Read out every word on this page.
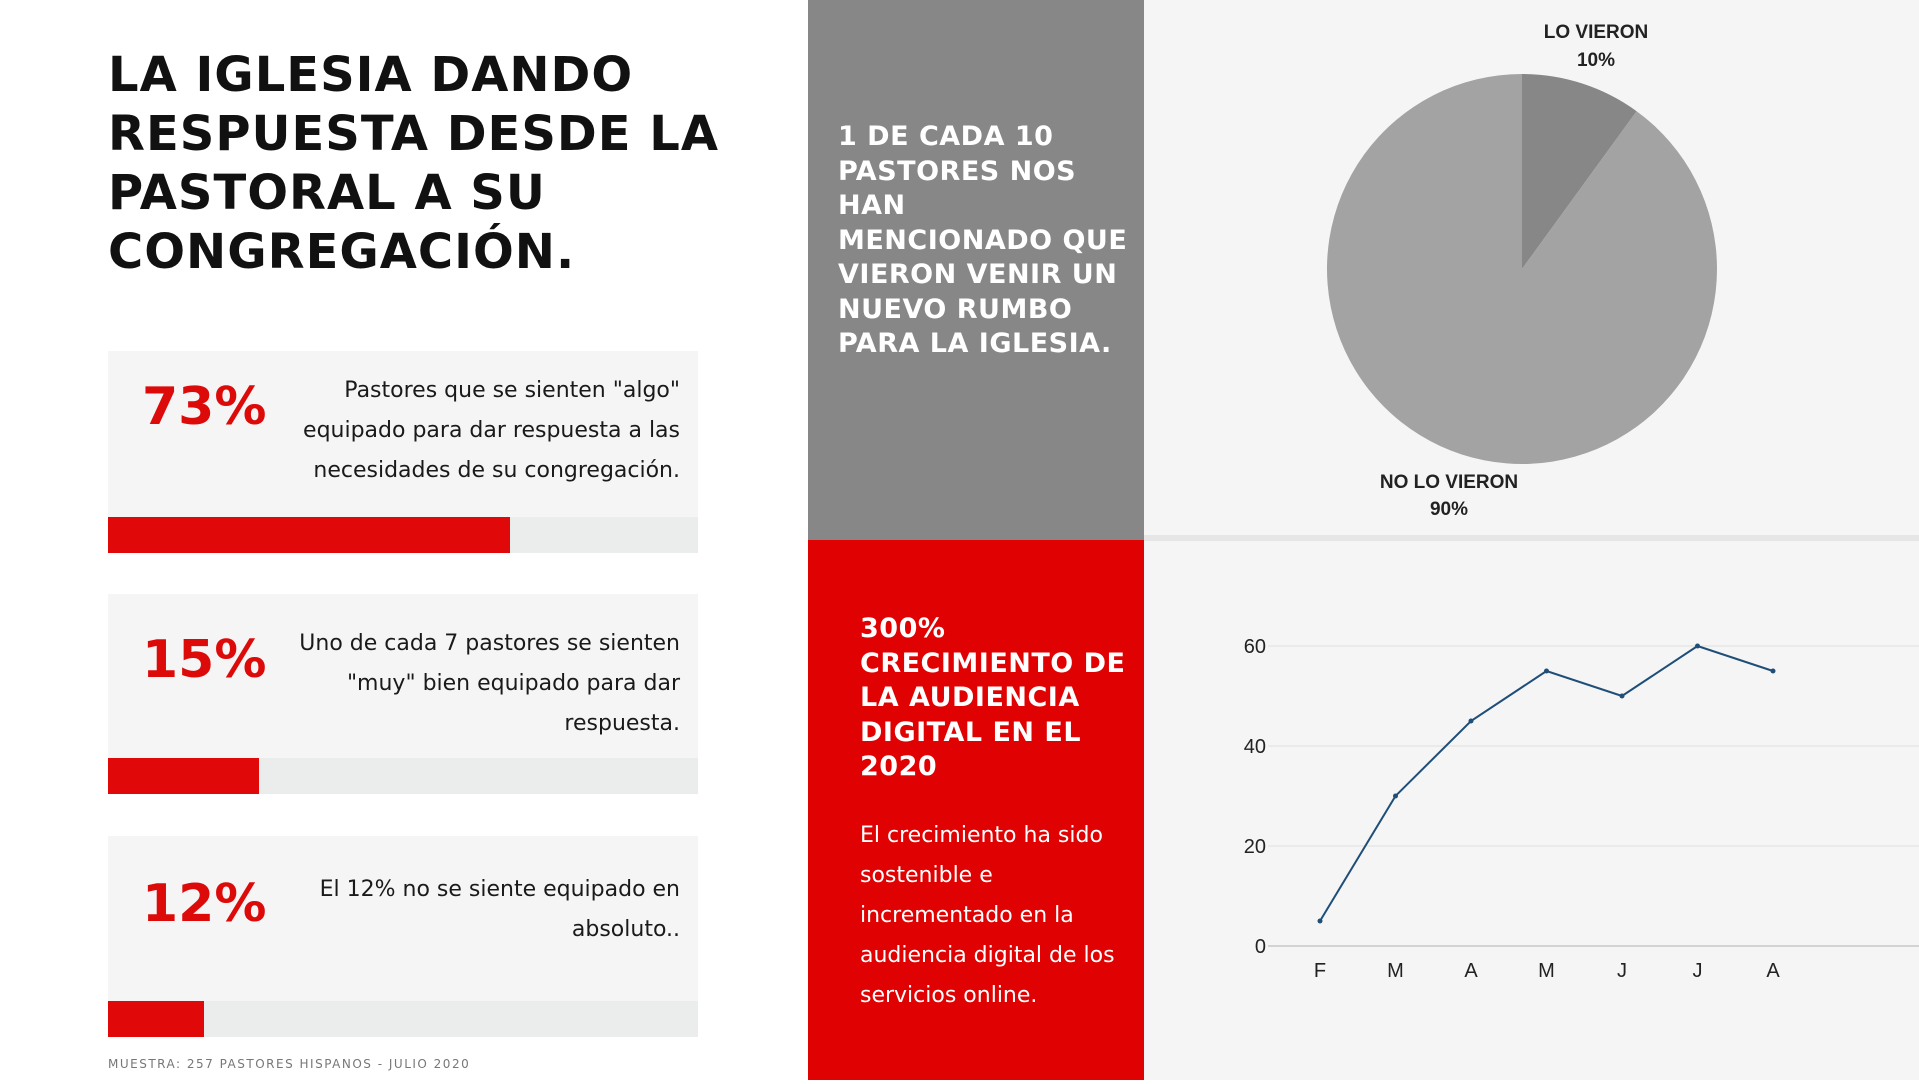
LA IGLESIA DANDO RESPUESTA DESDE LA PASTORAL A SU CONGREGACIÓN.
73%	Pastores que se sienten "algo" equipado para dar respuesta a las necesidades de su congregación.
15%	Uno de cada 7 pastores se sienten "muy" bien equipado para dar respuesta.
12%	El 12% no se siente equipado en absoluto..
MUESTRA: 257 PASTORES HISPANOS - JULIO 2020

1 DE CADA 10 PASTORES NOS HAN MENCIONADO QUE VIERON VENIR UN NUEVO RUMBO PARA LA IGLESIA.

300% CRECIMIENTO DE LA AUDIENCIA DIGITAL EN EL 2020

El crecimiento ha sido sostenible e incrementado en la audiencia digital de los servicios online.

LO VIERON
10%
NO LO VIERON
90%
0
20
40
60
F	M	A	M	J	J	A
